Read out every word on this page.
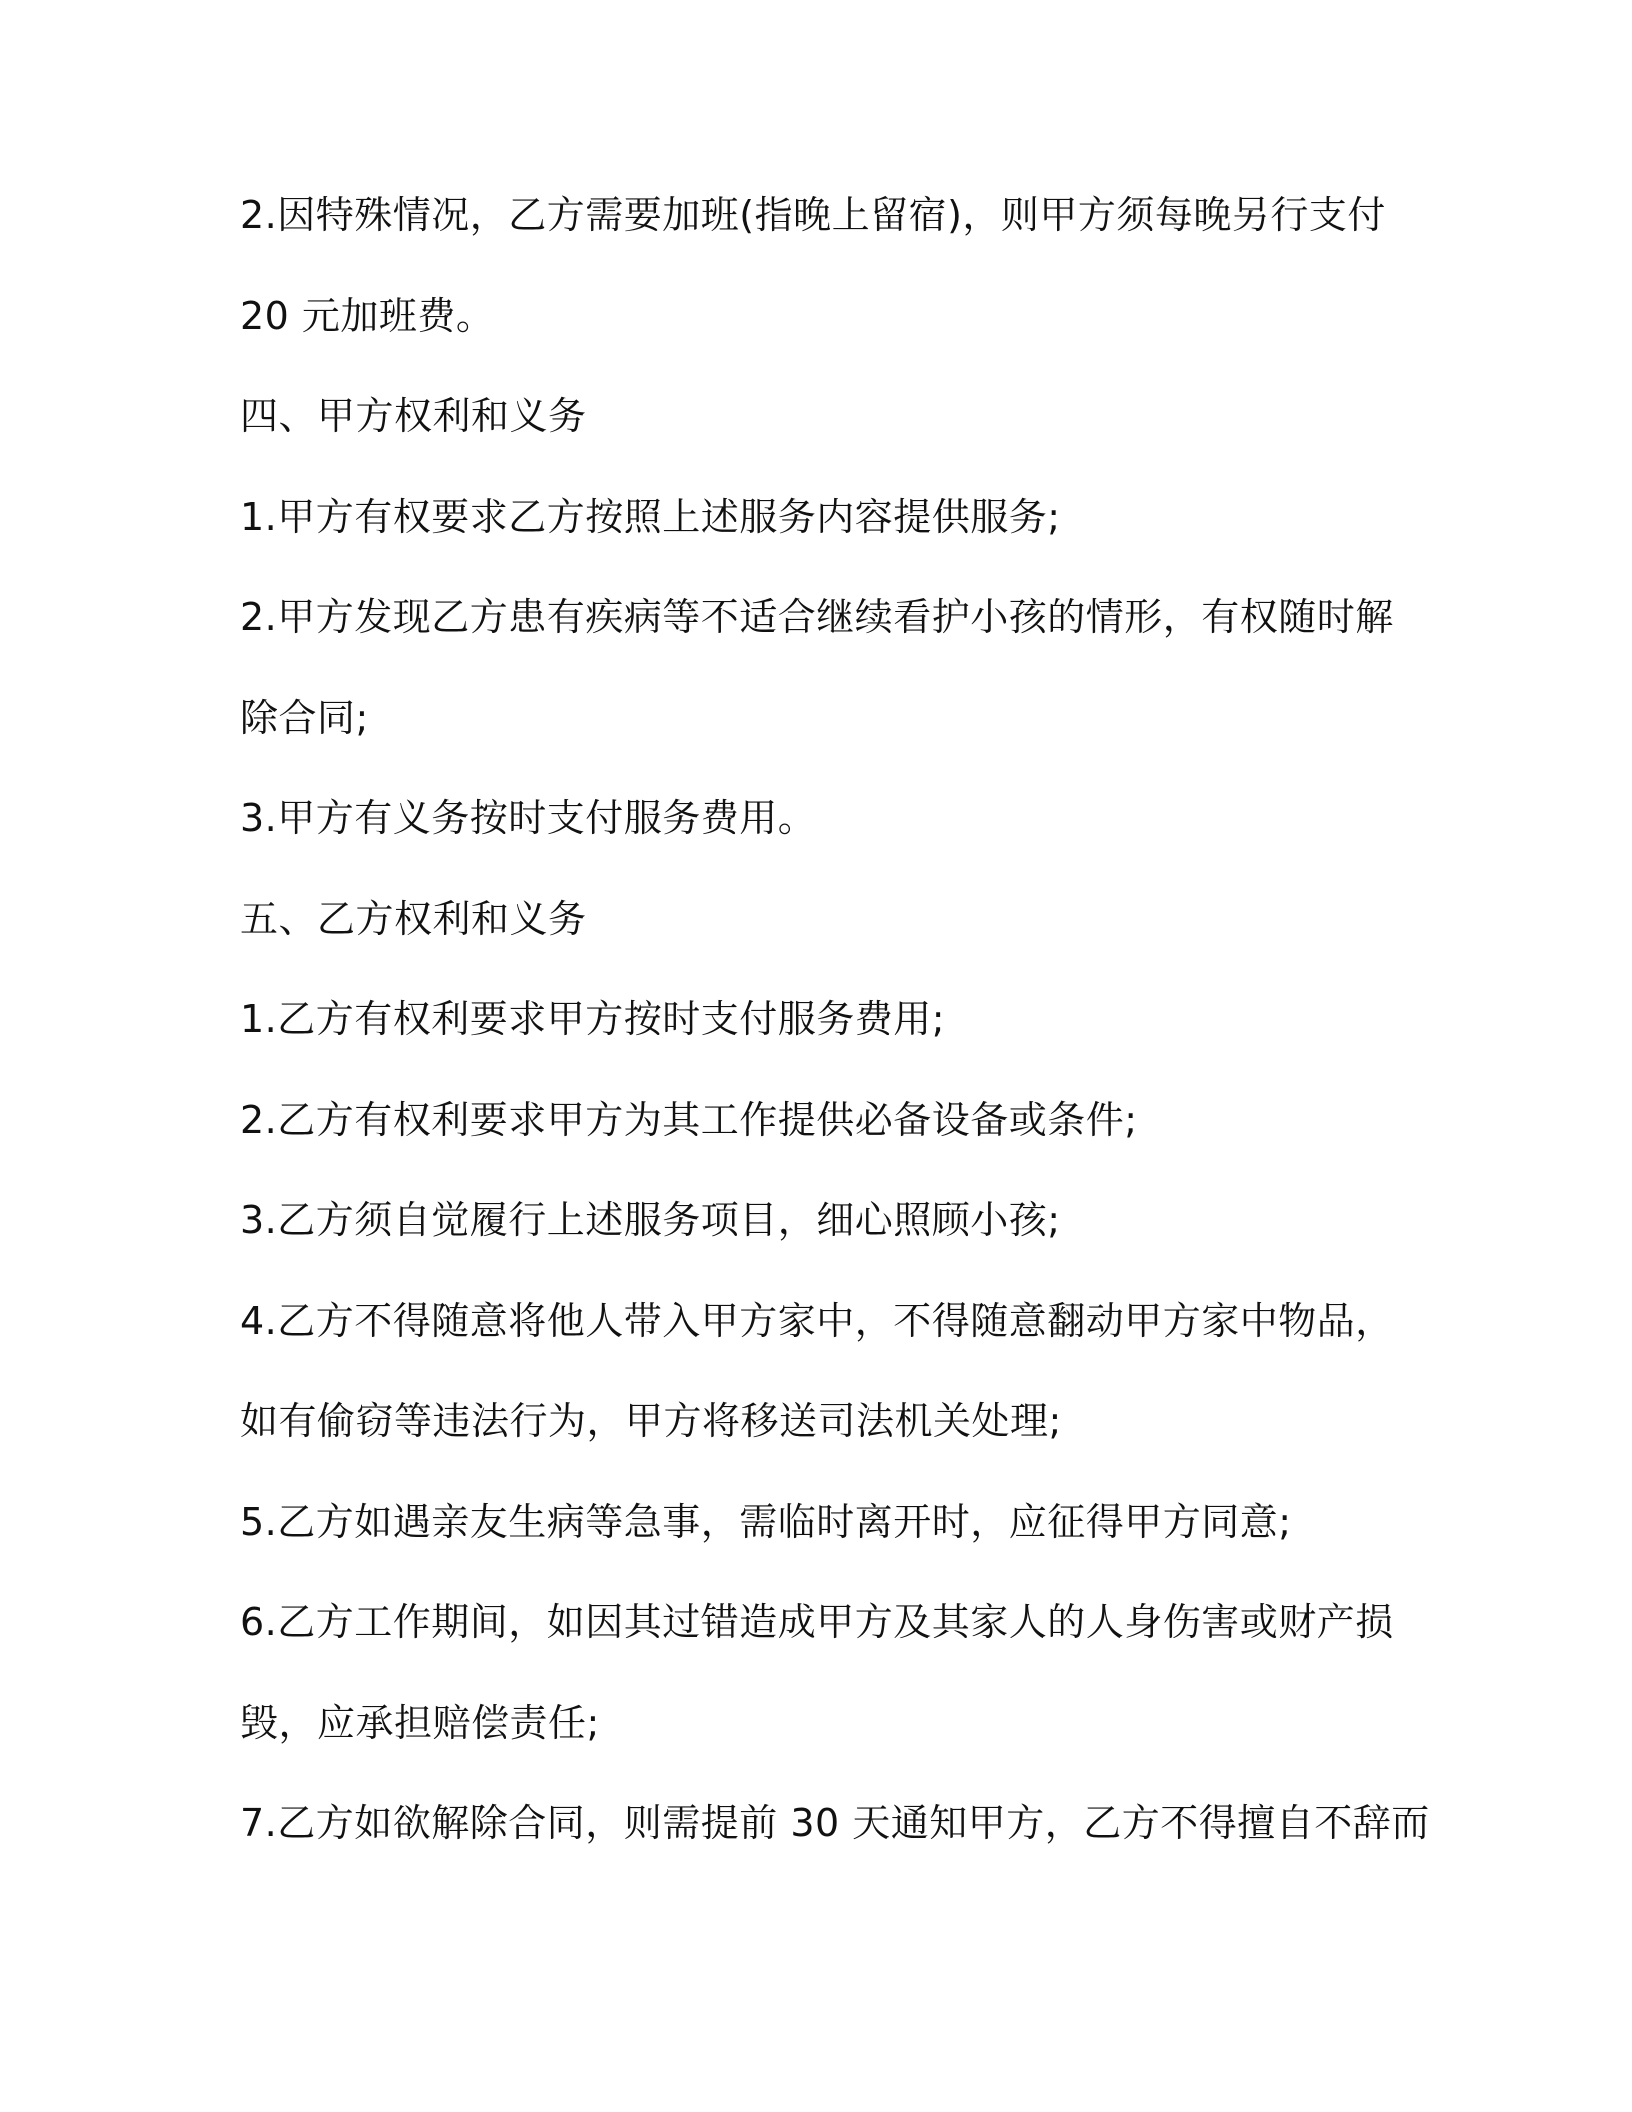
2.因特殊情况，乙方需要加班(指晚上留宿)，则甲方须每晚另行支付
20 元加班费。
四、甲方权利和义务
1.甲方有权要求乙方按照上述服务内容提供服务;
2.甲方发现乙方患有疾病等不适合继续看护小孩的情形，有权随时解
除合同;
3.甲方有义务按时支付服务费用。
五、乙方权利和义务
1.乙方有权利要求甲方按时支付服务费用;
2.乙方有权利要求甲方为其工作提供必备设备或条件;
3.乙方须自觉履行上述服务项目，细心照顾小孩;
4.乙方不得随意将他人带入甲方家中，不得随意翻动甲方家中物品，
如有偷窃等违法行为，甲方将移送司法机关处理;
5.乙方如遇亲友生病等急事，需临时离开时，应征得甲方同意;
6.乙方工作期间，如因其过错造成甲方及其家人的人身伤害或财产损
毁，应承担赔偿责任;
7.乙方如欲解除合同，则需提前 30 天通知甲方，乙方不得擅自不辞而
